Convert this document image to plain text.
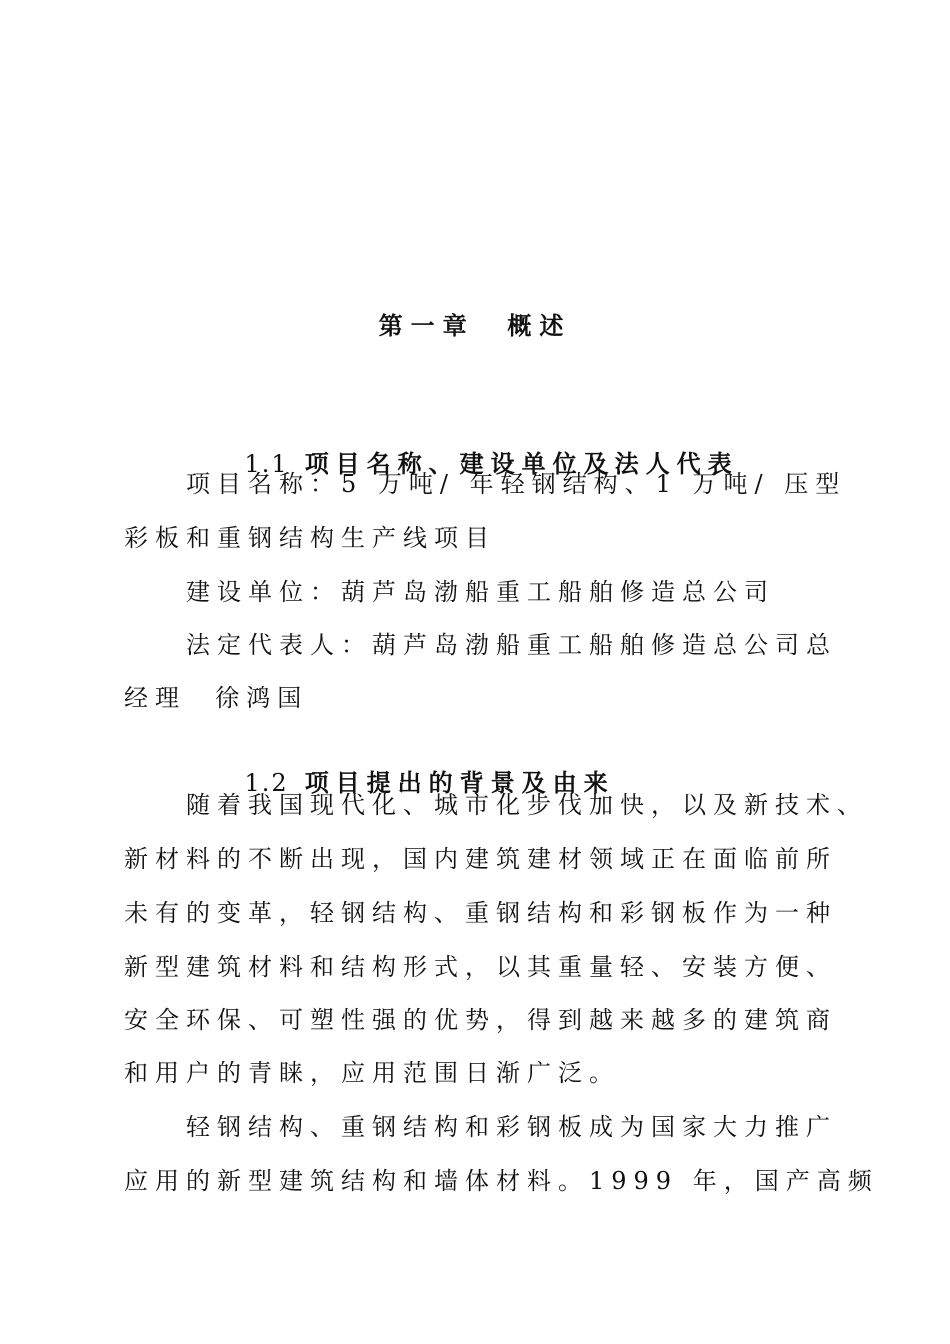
第一章  概述

1.1 项目名称、建设单位及法人代表

项目名称：5 万吨/ 年轻钢结构、1 万吨/ 压型
彩板和重钢结构生产线项目
建设单位：葫芦岛渤船重工船舶修造总公司
法定代表人：葫芦岛渤船重工船舶修造总公司总
经理  徐鸿国

1.2 项目提出的背景及由来

随着我国现代化、城市化步伐加快，以及新技术、
新材料的不断出现，国内建筑建材领域正在面临前所
未有的变革，轻钢结构、重钢结构和彩钢板作为一种
新型建筑材料和结构形式，以其重量轻、安装方便、
安全环保、可塑性强的优势，得到越来越多的建筑商
和用户的青睐，应用范围日渐广泛。
轻钢结构、重钢结构和彩钢板成为国家大力推广
应用的新型建筑结构和墙体材料。1999 年，国产高频
